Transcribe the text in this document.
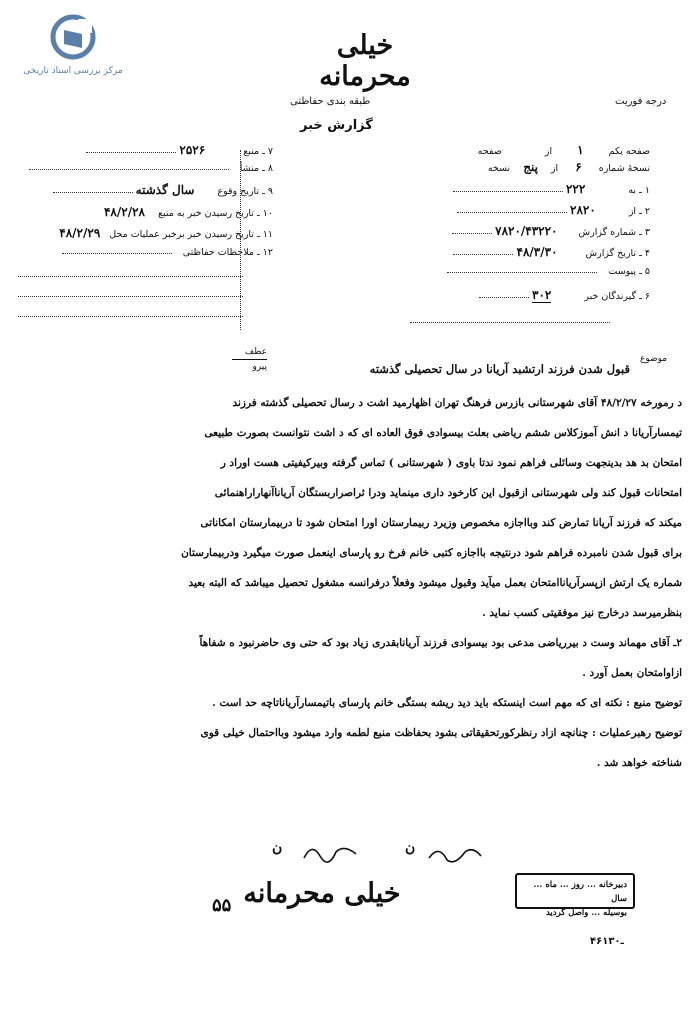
مرکز بررسی اسناد تاریخی
خیلی محرمانه
طبقه بندی حفاظتی
گزارش خبر
درجه فوریت
صفحه یکم ۱ از صفحه
نسخهٔ شماره ۶ از پنج نسخه
۱ ـ به ۲۲۲
۲ ـ از ۲۸۲۰
۳ ـ شماره گزارش ۷۸۲۰/۴۳۲۲۰
۴ ـ تاریخ گزارش ۴۸/۳/۳۰
۵ ـ پیوست
۶ ـ گیرندگان خبر ۳۰۲
۷ ـ منبع ۲۵۲۶
۸ ـ منشأ
۹ ـ تاریخ وقوع سال گذشته
۱۰ ـ تاریخ رسیدن خبر به منبع ۴۸/۲/۲۸
۱۱ ـ تاریخ رسیدن خبر برخبر عملیات محل ۴۸/۲/۲۹
۱۲ ـ ملاحظات حفاظتی
عطف
پیرو
موضوع
قبول شدن فرزند ارتشبد آریانا در سال تحصیلی گذشته

د رمورخه ۴۸/۲/۲۷ آقای شهرستانی بازرس فرهنگ تهران اظهارمید اشت د رسال تحصیلی گذشته فرزند

تیمسارآریانا د انش آموزکلاس ششم ریاضی بعلت بیسوادی فوق العاده ای که د اشت نتوانست بصورت طبیعی

امتحان بد هد بدینجهت وسائلی فراهم نمود ندتا باوی ( شهرستانی ) تماس گرفته وبیرکیفیتی هست اوراد ر

امتحانات قبول کند ولی شهرستانی ازقبول این کارخود داری مینماید ودرا ثراصراربستگان آریاناآنهاراراهنمائی

میکند که فرزند آریانا تمارض کند وبااجازه مخصوص وزیرد ربیمارستان اورا امتحان شود تا دربیمارستان امکاناتی

برای قبول شدن نامبرده فراهم شود درنتیجه بااجازه کتبی خانم فرخ رو پارسای اینعمل صورت میگیرد ودربیمارستان

شماره یک ارتش ازپسرآریاناامتحان بعمل میآید وقبول میشود وفعلاً درفرانسه مشغول تحصیل میباشد که البته بعید

بنظرمیرسد درخارج نیز موفقیتی کسب نماید .

۲ـ آقای مهماند وست د بیرریاضی مدعی بود بیسوادی فرزند آریانابقدری زیاد بود که حتی وی حاضرنبود ه شفاهاً

ازاوامتحان بعمل آورد .

توضیح منبع : نکته ای که مهم است اینستکه باید دید ریشه بستگی خانم پارسای باتیمسارآریاناتاچه حد است .

توضیح رهبرعملیات : چنانچه ازاد رنظرکورتحقیقاتی بشود بحفاظت منبع لطمه وارد میشود وبااحتمال خیلی قوی

شناخته خواهد شد .

ن	ن
خیلی محرمانه
۵۵
دبیرخانه ... روز ... ماه ... سال
بوسیله ... واصل گردید
۴۶ـ۱۳۰
